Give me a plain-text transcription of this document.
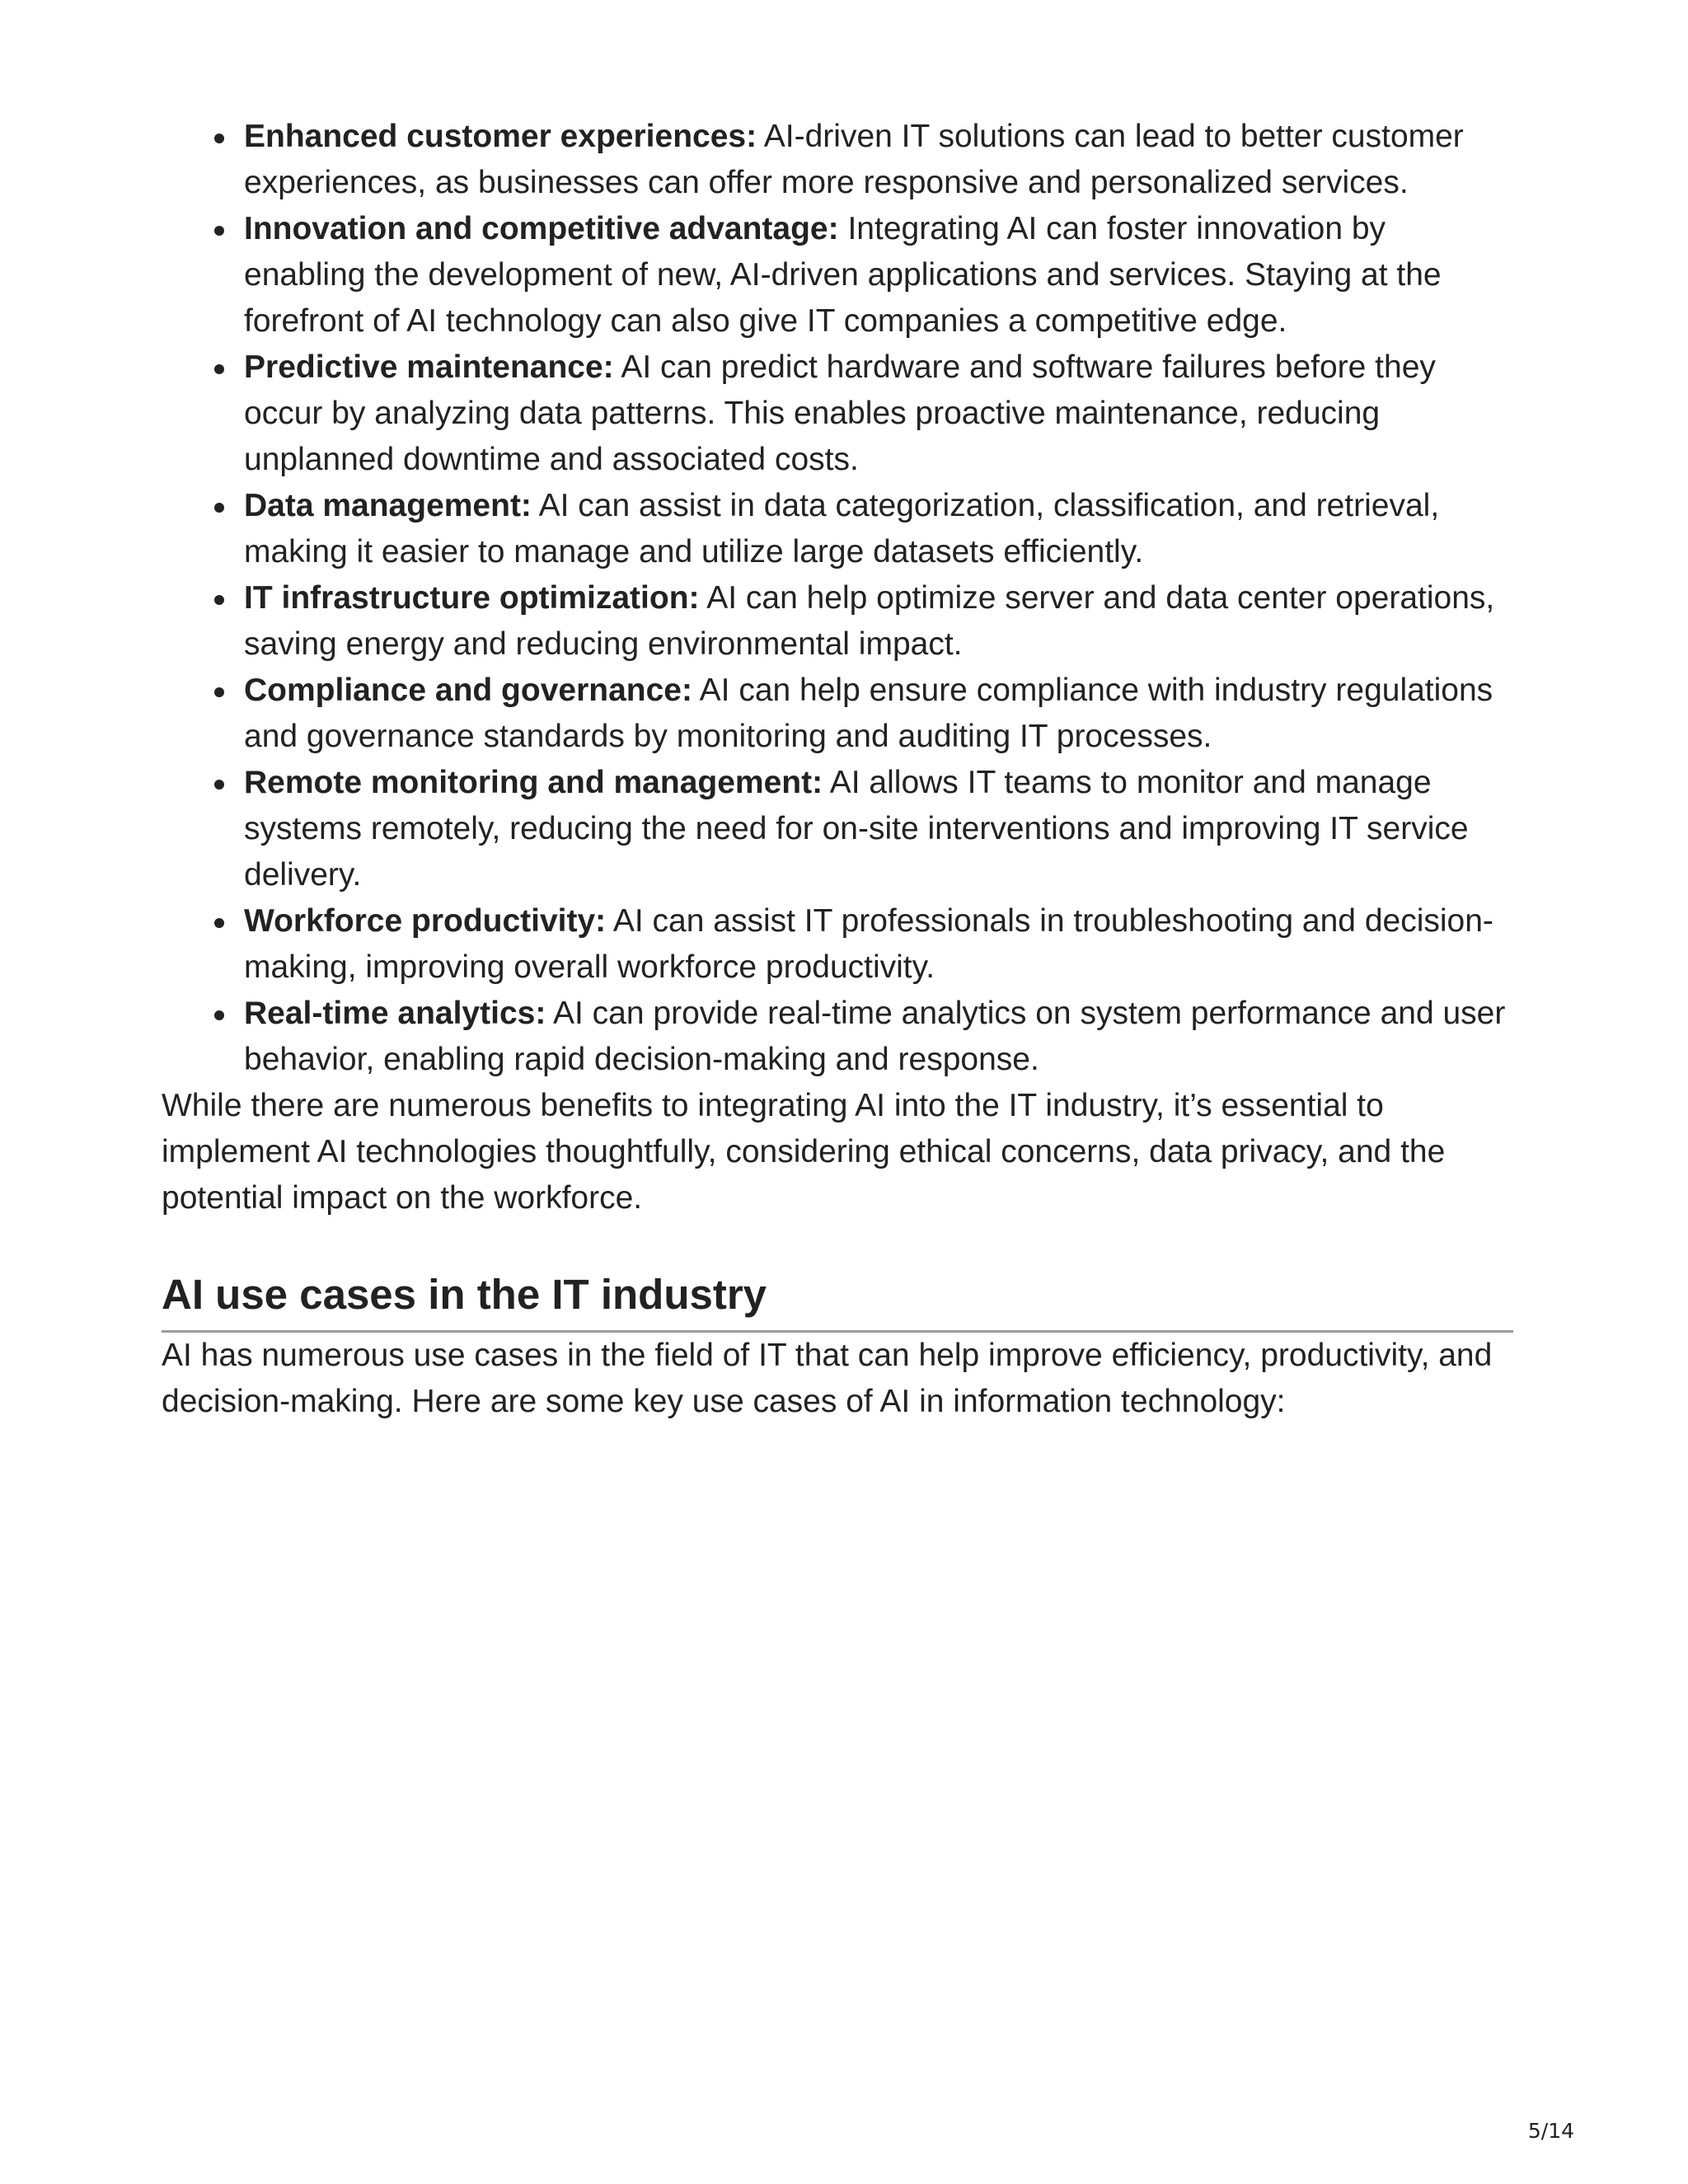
Enhanced customer experiences: AI-driven IT solutions can lead to better customer experiences, as businesses can offer more responsive and personalized services.
Innovation and competitive advantage: Integrating AI can foster innovation by enabling the development of new, AI-driven applications and services. Staying at the forefront of AI technology can also give IT companies a competitive edge.
Predictive maintenance: AI can predict hardware and software failures before they occur by analyzing data patterns. This enables proactive maintenance, reducing unplanned downtime and associated costs.
Data management: AI can assist in data categorization, classification, and retrieval, making it easier to manage and utilize large datasets efficiently.
IT infrastructure optimization: AI can help optimize server and data center operations, saving energy and reducing environmental impact.
Compliance and governance: AI can help ensure compliance with industry regulations and governance standards by monitoring and auditing IT processes.
Remote monitoring and management: AI allows IT teams to monitor and manage systems remotely, reducing the need for on-site interventions and improving IT service delivery.
Workforce productivity: AI can assist IT professionals in troubleshooting and decision-making, improving overall workforce productivity.
Real-time analytics: AI can provide real-time analytics on system performance and user behavior, enabling rapid decision-making and response.

While there are numerous benefits to integrating AI into the IT industry, it’s essential to implement AI technologies thoughtfully, considering ethical concerns, data privacy, and the potential impact on the workforce.

AI use cases in the IT industry

AI has numerous use cases in the field of IT that can help improve efficiency, productivity, and decision-making. Here are some key use cases of AI in information technology:

5/14
